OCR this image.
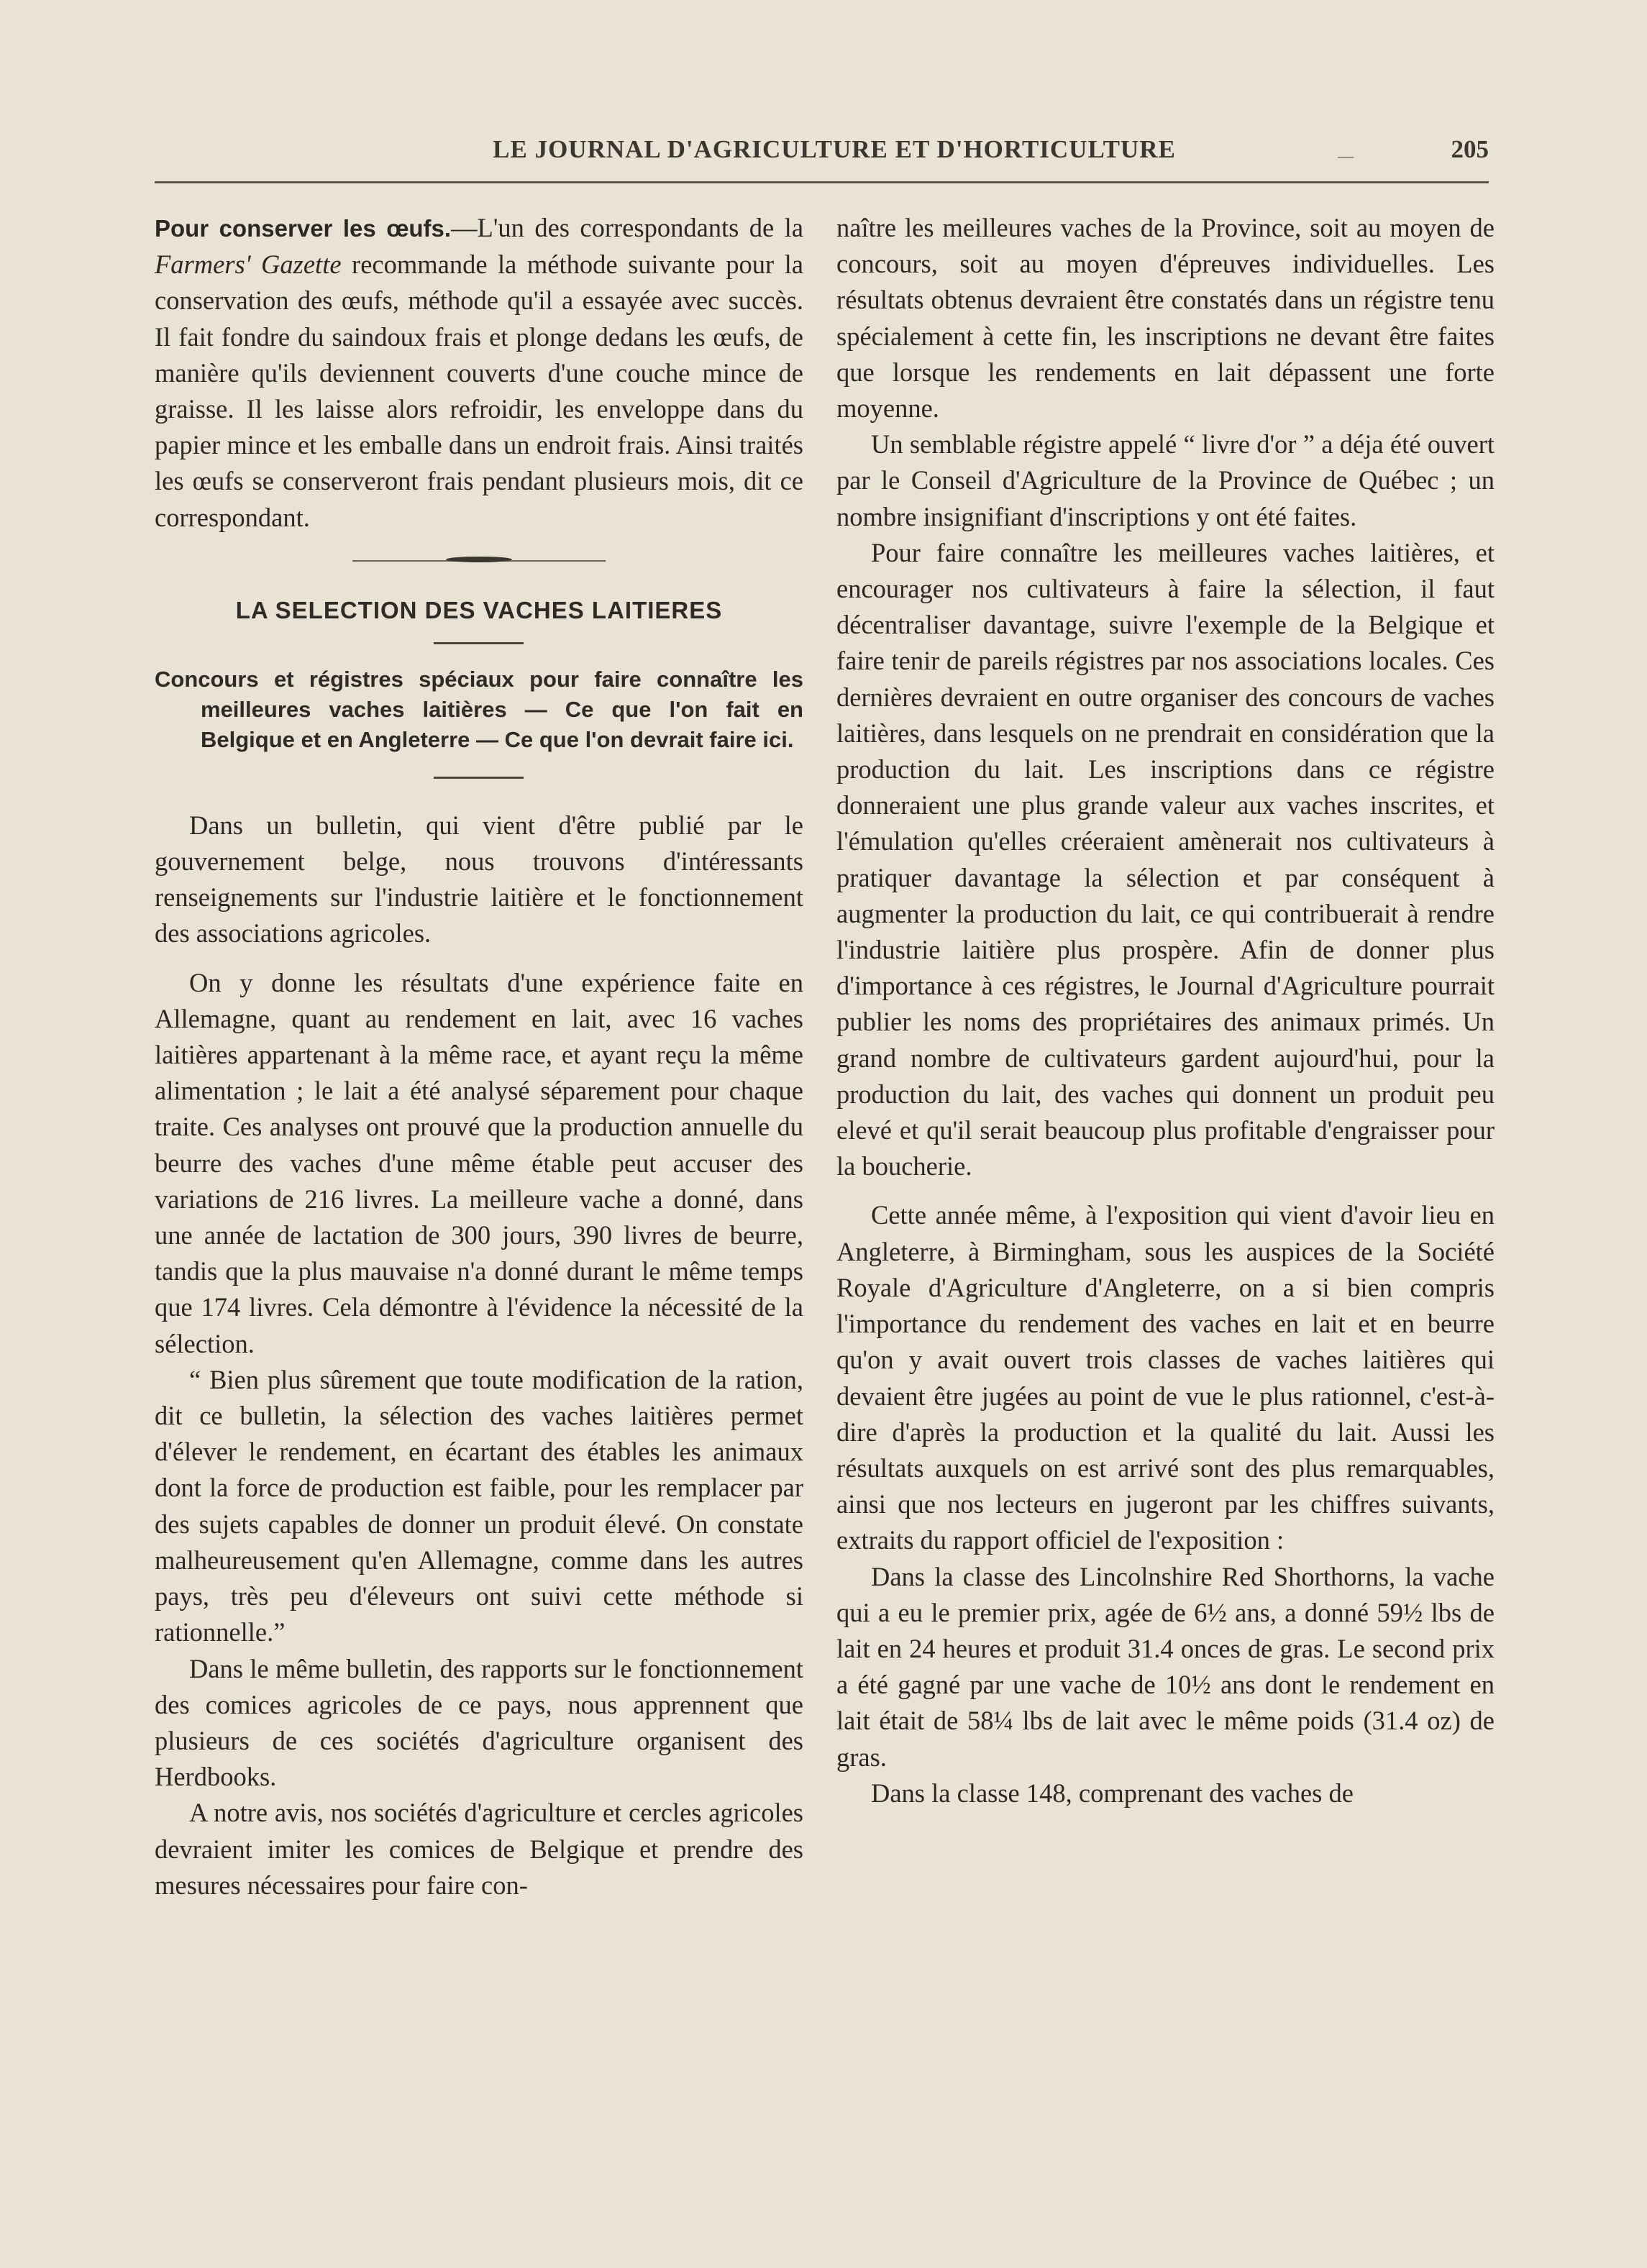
LE JOURNAL D'AGRICULTURE ET D'HORTICULTURE	—	205

Pour conserver les œufs.—L'un des correspondants de la Farmers' Gazette recommande la méthode suivante pour la conservation des œufs, méthode qu'il a essayée avec succès. Il fait fondre du saindoux frais et plonge dedans les œufs, de manière qu'ils deviennent couverts d'une couche mince de graisse. Il les laisse alors refroidir, les enveloppe dans du papier mince et les emballe dans un endroit frais. Ainsi traités les œufs se conserveront frais pendant plusieurs mois, dit ce correspondant.

LA SELECTION DES VACHES LAITIERES
Concours et régistres spéciaux pour faire connaître les meilleures vaches laitières — Ce que l'on fait en Belgique et en Angleterre — Ce que l'on devrait faire ici.

Dans un bulletin, qui vient d'être publié par le gouvernement belge, nous trouvons d'intéressants renseignements sur l'industrie laitière et le fonctionnement des associations agricoles.

On y donne les résultats d'une expérience faite en Allemagne, quant au rendement en lait, avec 16 vaches laitières appartenant à la même race, et ayant reçu la même alimentation ; le lait a été analysé séparement pour chaque traite. Ces analyses ont prouvé que la production annuelle du beurre des vaches d'une même étable peut accuser des variations de 216 livres. La meilleure vache a donné, dans une année de lactation de 300 jours, 390 livres de beurre, tandis que la plus mauvaise n'a donné durant le même temps que 174 livres. Cela démontre à l'évidence la nécessité de la sélection.

“ Bien plus sûrement que toute modification de la ration, dit ce bulletin, la sélection des vaches laitières permet d'élever le rendement, en écartant des étables les animaux dont la force de production est faible, pour les remplacer par des sujets capables de donner un produit élevé. On constate malheureusement qu'en Allemagne, comme dans les autres pays, très peu d'éleveurs ont suivi cette méthode si rationnelle.”

Dans le même bulletin, des rapports sur le fonctionnement des comices agricoles de ce pays, nous apprennent que plusieurs de ces sociétés d'agriculture organisent des Herdbooks.

A notre avis, nos sociétés d'agriculture et cercles agricoles devraient imiter les comices de Belgique et prendre des mesures nécessaires pour faire con-

naître les meilleures vaches de la Province, soit au moyen de concours, soit au moyen d'épreuves individuelles. Les résultats obtenus devraient être constatés dans un régistre tenu spécialement à cette fin, les inscriptions ne devant être faites que lorsque les rendements en lait dépassent une forte moyenne.

Un semblable régistre appelé “ livre d'or ” a déja été ouvert par le Conseil d'Agriculture de la Province de Québec ; un nombre insignifiant d'inscriptions y ont été faites.

Pour faire connaître les meilleures vaches laitières, et encourager nos cultivateurs à faire la sélection, il faut décentraliser davantage, suivre l'exemple de la Belgique et faire tenir de pareils régistres par nos associations locales. Ces dernières devraient en outre organiser des concours de vaches laitières, dans lesquels on ne prendrait en considération que la production du lait. Les inscriptions dans ce régistre donneraient une plus grande valeur aux vaches inscrites, et l'émulation qu'elles créeraient amènerait nos cultivateurs à pratiquer davantage la sélection et par conséquent à augmenter la production du lait, ce qui contribuerait à rendre l'industrie laitière plus prospère. Afin de donner plus d'importance à ces régistres, le Journal d'Agriculture pourrait publier les noms des propriétaires des animaux primés. Un grand nombre de cultivateurs gardent aujourd'hui, pour la production du lait, des vaches qui donnent un produit peu elevé et qu'il serait beaucoup plus profitable d'engraisser pour la boucherie.

Cette année même, à l'exposition qui vient d'avoir lieu en Angleterre, à Birmingham, sous les auspices de la Société Royale d'Agriculture d'Angleterre, on a si bien compris l'importance du rendement des vaches en lait et en beurre qu'on y avait ouvert trois classes de vaches laitières qui devaient être jugées au point de vue le plus rationnel, c'est-à-dire d'après la production et la qualité du lait. Aussi les résultats auxquels on est arrivé sont des plus remarquables, ainsi que nos lecteurs en jugeront par les chiffres suivants, extraits du rapport officiel de l'exposition :

Dans la classe des Lincolnshire Red Shorthorns, la vache qui a eu le premier prix, agée de 6½ ans, a donné 59½ lbs de lait en 24 heures et produit 31.4 onces de gras. Le second prix a été gagné par une vache de 10½ ans dont le rendement en lait était de 58¼ lbs de lait avec le même poids (31.4 oz) de gras.

Dans la classe 148, comprenant des vaches de
